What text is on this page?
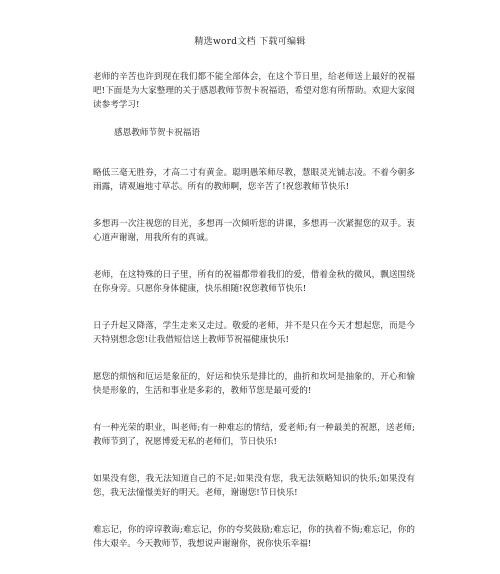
精选word文档 下载可编辑

老师的辛苦也许到现在我们都不能全部体会，在这个节日里，给老师送上最好的祝福吧!下面是为大家整理的关于感恩教师节贺卡祝福语，希望对您有所帮助。欢迎大家阅读参考学习!

感恩教师节贺卡祝福语

略低三毫无胜券，才高二寸有黄金。聪明愚笨师尽教，慧眼灵光铺志凌。不着今朝多雨露，请观遍地寸草芯。所有的教师啊，您辛苦了!祝您教师节快乐!

多想再一次注视您的目光，多想再一次倾听您的讲课，多想再一次紧握您的双手。衷心道声谢谢，用我所有的真诚。

老师，在这特殊的日子里，所有的祝福都带着我们的爱，借着金秋的微风，飘送围绕在你身旁。只愿你身体健康，快乐相随!祝您教师节快乐!

日子升起又降落，学生走来又走过。敬爱的老师，并不是只在今天才想起您，而是今天特别想念您!让我借短信送上教师节祝福健康快乐!

愿您的烦恼和厄运是象征的，好运和快乐是排比的，曲折和坎坷是抽象的，开心和愉快是形象的，生活和事业是多彩的，教师节您是最可爱的!

有一种光荣的职业，叫老师;有一种难忘的情结，爱老师;有一种最美的祝愿，送老师;教师节到了，祝愿博爱无私的老师们，节日快乐!

如果没有您，我无法知道自己的不足;如果没有您，我无法领略知识的快乐;如果没有您，我无法憧憬美好的明天。老师，谢谢您!节日快乐!

难忘记，你的谆谆教诲;难忘记，你的夸奖鼓励;难忘记，你的执着不悔;难忘记，你的伟大艰辛。今天教师节，我想说声谢谢你，祝你快乐幸福!
